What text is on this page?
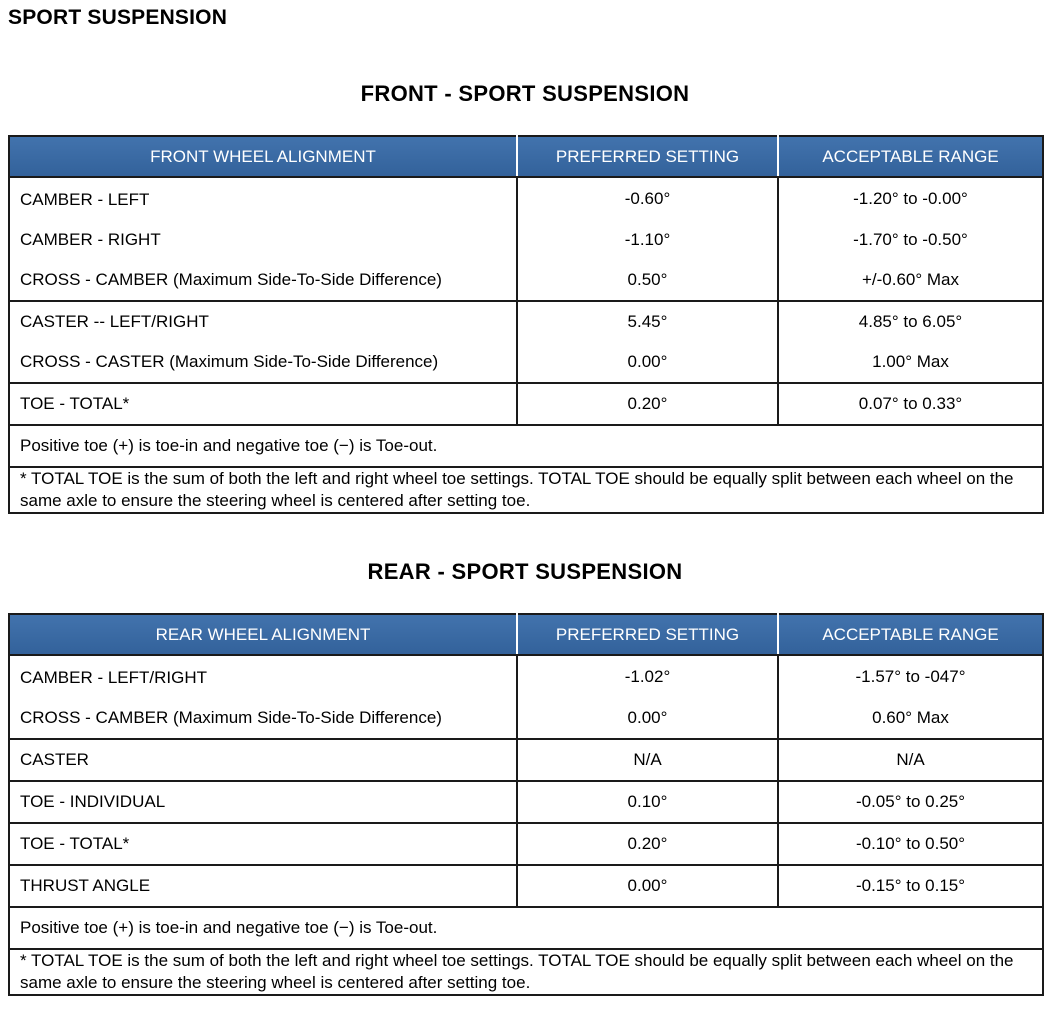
SPORT SUSPENSION
FRONT - SPORT SUSPENSION
FRONT WHEEL ALIGNMENT	PREFERRED SETTING	ACCEPTABLE RANGE
CAMBER - LEFT	-0.60°	-1.20° to -0.00°
CAMBER - RIGHT	-1.10°	-1.70° to -0.50°
CROSS - CAMBER (Maximum Side-To-Side Difference)	0.50°	+/-0.60° Max
CASTER -- LEFT/RIGHT	5.45°	4.85° to 6.05°
CROSS - CASTER (Maximum Side-To-Side Difference)	0.00°	1.00° Max
TOE - TOTAL*	0.20°	0.07° to 0.33°
Positive toe (+) is toe-in and negative toe (−) is Toe-out.		
* TOTAL TOE is the sum of both the left and right wheel toe settings. TOTAL TOE should be equally split between each wheel on the same axle to ensure the steering wheel is centered after setting toe.		
REAR - SPORT SUSPENSION
REAR WHEEL ALIGNMENT	PREFERRED SETTING	ACCEPTABLE RANGE
CAMBER - LEFT/RIGHT	-1.02°	-1.57° to -047°
CROSS - CAMBER (Maximum Side-To-Side Difference)	0.00°	0.60° Max
CASTER	N/A	N/A
TOE - INDIVIDUAL	0.10°	-0.05° to 0.25°
TOE - TOTAL*	0.20°	-0.10° to 0.50°
THRUST ANGLE	0.00°	-0.15° to 0.15°
Positive toe (+) is toe-in and negative toe (−) is Toe-out.		
* TOTAL TOE is the sum of both the left and right wheel toe settings. TOTAL TOE should be equally split between each wheel on the same axle to ensure the steering wheel is centered after setting toe.		
